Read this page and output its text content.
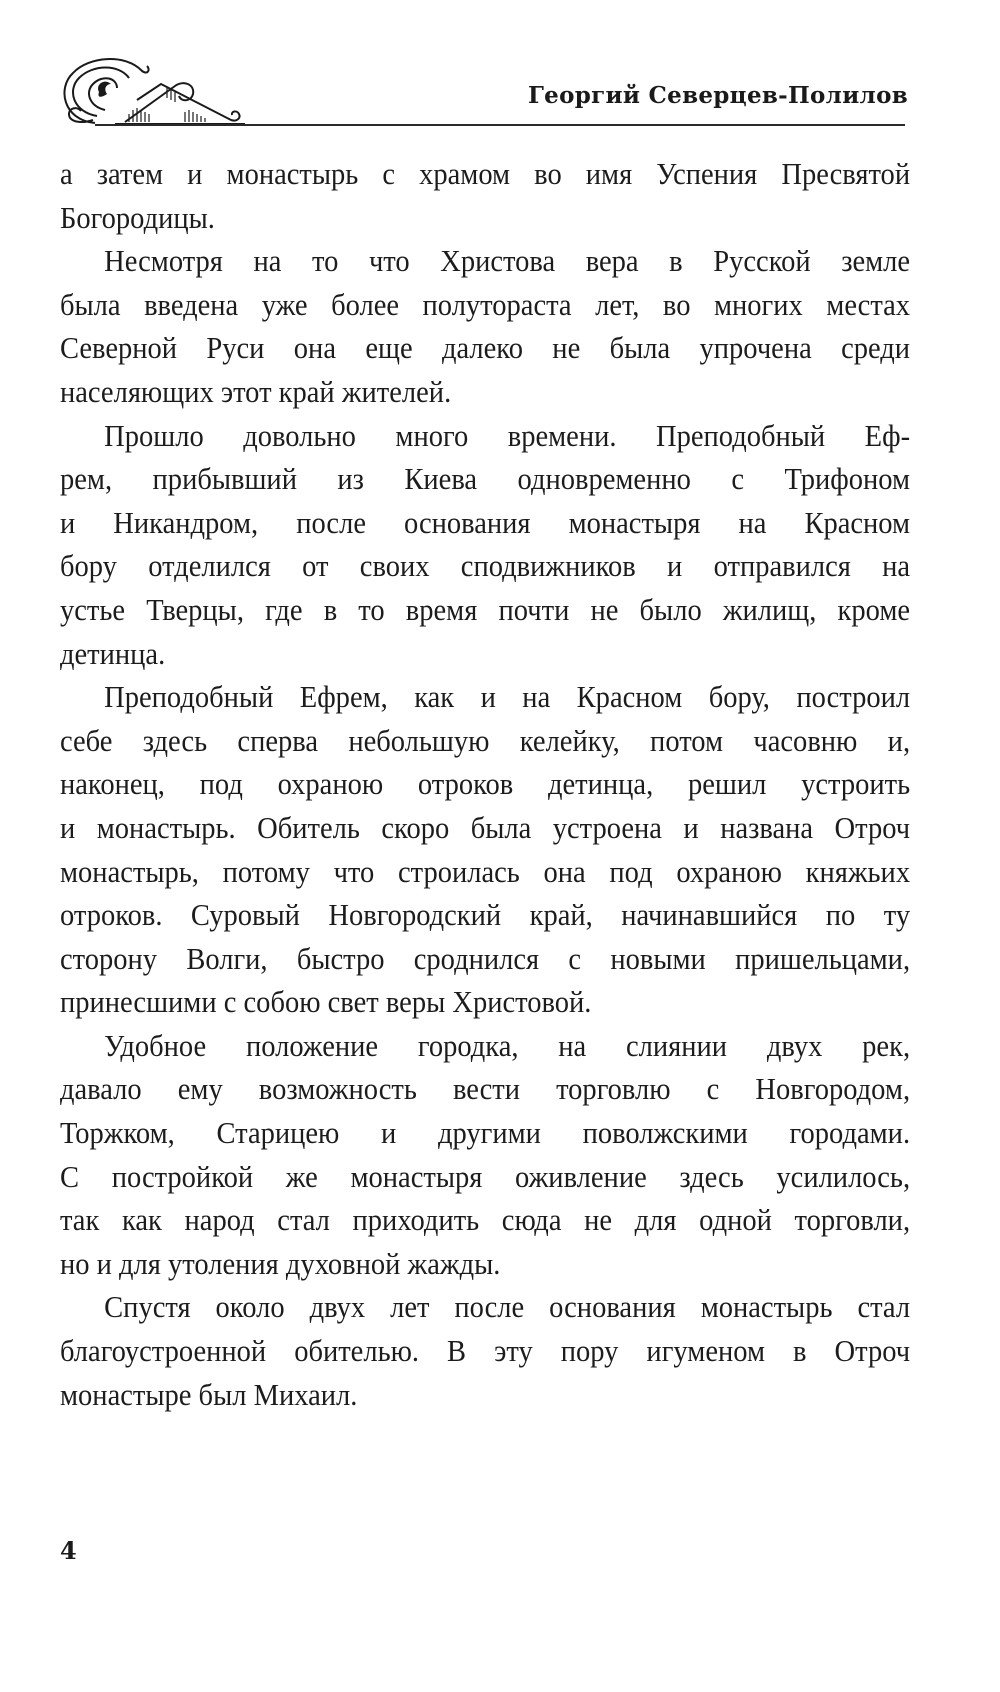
Георгий Северцев-Полилов
а затем и монастырь с храмом во имя Успения Пресвятой
Богородицы.
Несмотря на то что Христова вера в Русской земле
была введена уже более полутораста лет, во многих местах
Северной Руси она еще далеко не была упрочена среди
населяющих этот край жителей.
Прошло довольно много времени. Преподобный Еф-
рем, прибывший из Киева одновременно с Трифоном
и Никандром, после основания монастыря на Красном
бору отделился от своих сподвижников и отправился на
устье Тверцы, где в то время почти не было жилищ, кроме
детинца.
Преподобный Ефрем, как и на Красном бору, построил
себе здесь сперва небольшую келейку, потом часовню и,
наконец, под охраною отроков детинца, решил устроить
и монастырь. Обитель скоро была устроена и названа Отроч
монастырь, потому что строилась она под охраною княжьих
отроков. Суровый Новгородский край, начинавшийся по ту
сторону Волги, быстро сроднился с новыми пришельцами,
принесшими с собою свет веры Христовой.
Удобное положение городка, на слиянии двух рек,
давало ему возможность вести торговлю с Новгородом,
Торжком, Старицею и другими поволжскими городами.
С постройкой же монастыря оживление здесь усилилось,
так как народ стал приходить сюда не для одной торговли,
но и для утоления духовной жажды.
Спустя около двух лет после основания монастырь стал
благоустроенной обителью. В эту пору игуменом в Отроч
монастыре был Михаил.
4
